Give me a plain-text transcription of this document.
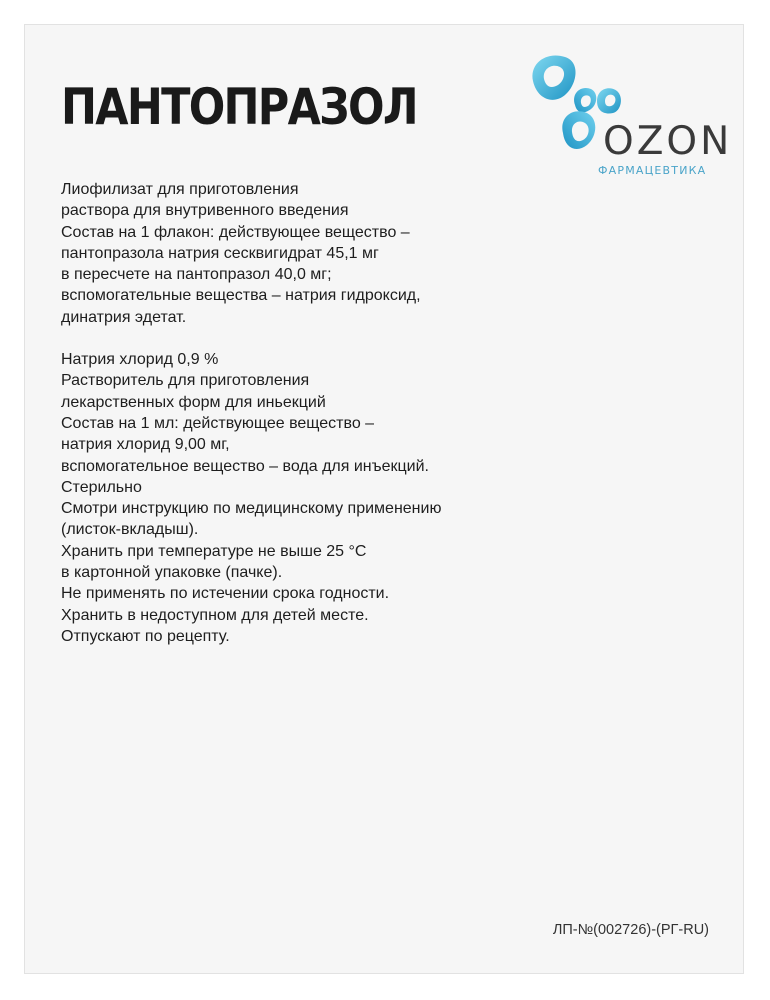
ПАНТОПРАЗОЛ
OZON
ФАРМАЦЕВТИКА
Лиофилизат для приготовления
раствора для внутривенного введения
Состав на 1 флакон: действующее вещество –
пантопразола натрия сесквигидрат 45,1 мг
в пересчете на пантопразол 40,0 мг;
вспомогательные вещества – натрия гидроксид,
динатрия эдетат.
Натрия хлорид 0,9 %
Растворитель для приготовления
лекарственных форм для иньекций
Состав на 1 мл: действующее вещество –
натрия хлорид 9,00 мг,
вспомогательное вещество – вода для инъекций.
Стерильно
Смотри инструкцию по медицинскому применению
(листок-вкладыш).
Хранить при температуре не выше 25 °С
в картонной упаковке (пачке).
Не применять по истечении срока годности.
Хранить в недоступном для детей месте.
Отпускают по рецепту.
ЛП-№(002726)-(РГ-RU)
